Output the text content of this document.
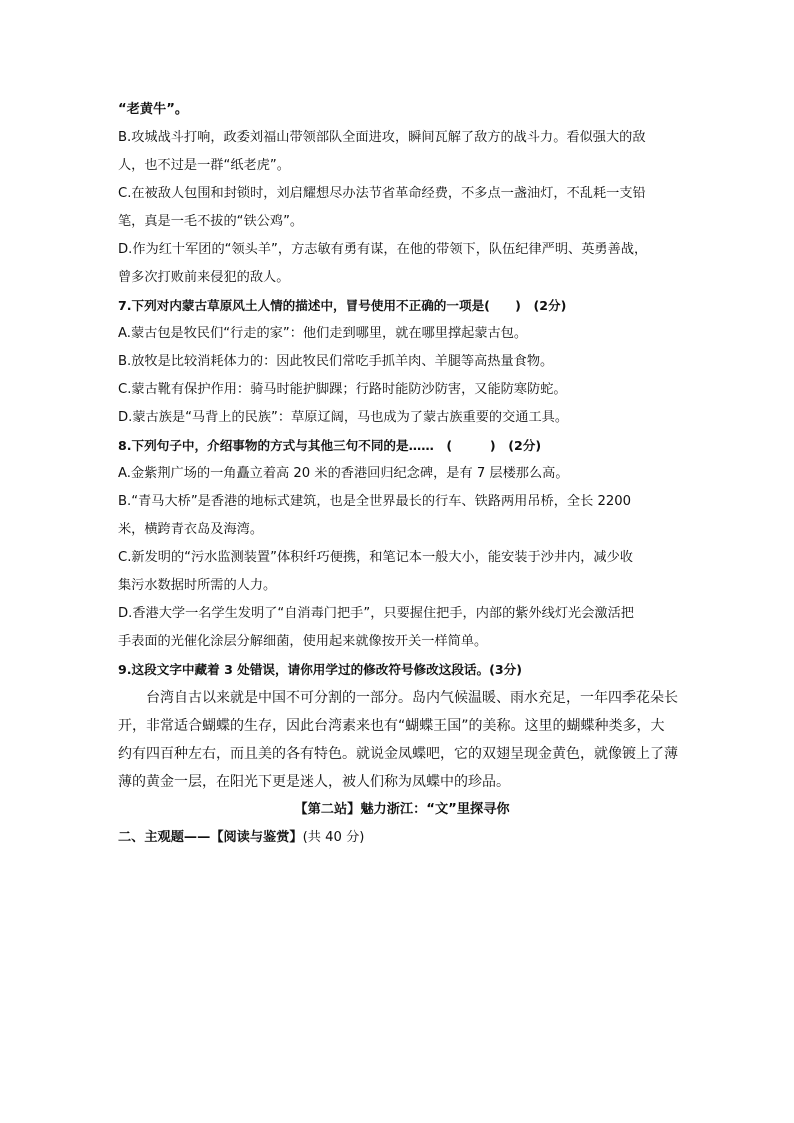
“老黄牛”。

B.攻城战斗打响，政委刘福山带领部队全面进攻，瞬间瓦解了敌方的战斗力。看似强大的敌

人，也不过是一群“纸老虎”。

C.在被敌人包围和封锁时，刘启耀想尽办法节省革命经费，不多点一盏油灯，不乱耗一支铅

笔，真是一毛不拔的“铁公鸡”。

D.作为红十军团的“领头羊”，方志敏有勇有谋，在他的带领下，队伍纪律严明、英勇善战，

曾多次打败前来侵犯的敌人。

7.下列对内蒙古草原风土人情的描述中，冒号使用不正确的一项是(　　)　(2分)

A.蒙古包是牧民们“行走的家”：他们走到哪里，就在哪里撑起蒙古包。

B.放牧是比较消耗体力的：因此牧民们常吃手抓羊肉、羊腿等高热量食物。

C.蒙古靴有保护作用：骑马时能护脚踝；行路时能防沙防害，又能防寒防蛇。

D.蒙古族是“马背上的民族”：草原辽阔，马也成为了蒙古族重要的交通工具。

8.下列句子中，介绍事物的方式与其他三句不同的是……　(　　　)　(2分)

A.金紫荆广场的一角矗立着高 20 米的香港回归纪念碑，是有 7 层楼那么高。

B.“青马大桥”是香港的地标式建筑，也是全世界最长的行车、铁路两用吊桥，全长 2200

米，横跨青衣岛及海湾。

C.新发明的“污水监测装置”体积纤巧便携，和笔记本一般大小，能安装于沙井内，减少收

集污水数据时所需的人力。

D.香港大学一名学生发明了“自消毒门把手”，只要握住把手，内部的紫外线灯光会激活把

手表面的光催化涂层分解细菌，使用起来就像按开关一样简单。

9.这段文字中藏着 3 处错误，请你用学过的修改符号修改这段话。(3分)

台湾自古以来就是中国不可分割的一部分。岛内气候温暖、雨水充足，一年四季花朵长

开，非常适合蝴蝶的生存，因此台湾素来也有“蝴蝶王国”的美称。这里的蝴蝶种类多，大

约有四百种左右，而且美的各有特色。就说金凤蝶吧，它的双翅呈现金黄色，就像镀上了薄

薄的黄金一层，在阳光下更是迷人，被人们称为凤蝶中的珍品。

【第二站】魅力浙江：“文”里探寻你

二、主观题——【阅读与鉴赏】(共 40 分)
